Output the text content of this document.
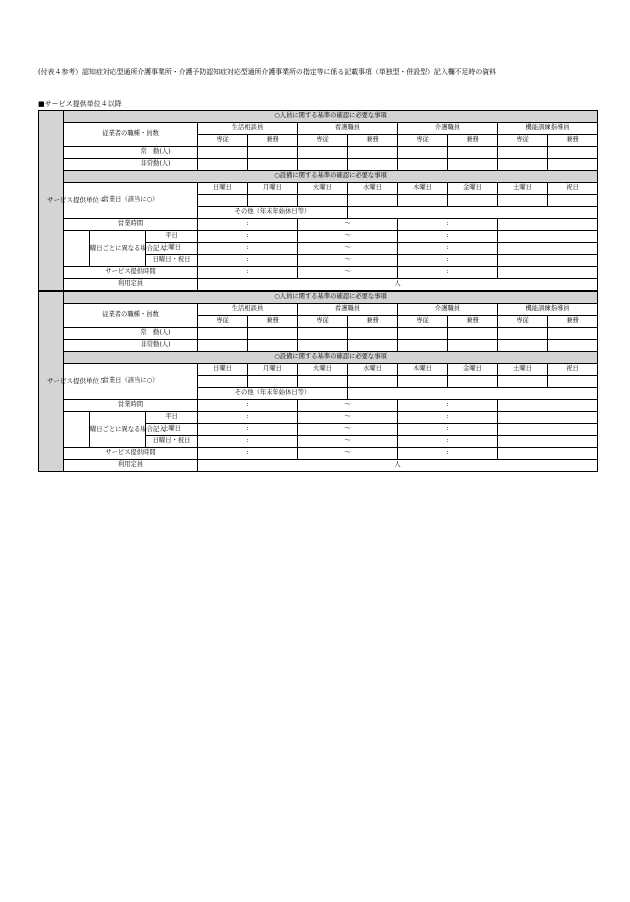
(付表４参考）認知症対応型通所介護事業所・介護予防認知症対応型通所介護事業所の指定等に係る記載事項（単独型・併設型）記入欄不足時の資料
■サービス提供単位４以降
サービス提供単位４	○人員に関する基準の確認に必要な事項										
	従業者の職種・員数			生活相談員		看護職員		介護職員		機能訓練指導員	
				専従	兼務	専従	兼務	専従	兼務	専従	兼務
	常　勤(人)										
	非常勤(人)										
	○設備に関する基準の確認に必要な事項										
	営業日（該当に○）			日曜日	月曜日	火曜日	水曜日	木曜日	金曜日	土曜日	祝日

				その他（年末年始休日等）							
	営業時間			:		～		:			
		曜日ごとに異なる場合記入	平日	:		～		:			
			土曜日	:		～		:			
			日曜日・祝日	:		～		:			
	サービス提供時間			:		～		:			
	利用定員			人							
サービス提供単位５	○人員に関する基準の確認に必要な事項										
	従業者の職種・員数			生活相談員		看護職員		介護職員		機能訓練指導員	
				専従	兼務	専従	兼務	専従	兼務	専従	兼務
	常　勤(人)										
	非常勤(人)										
	○設備に関する基準の確認に必要な事項										
	営業日（該当に○）			日曜日	月曜日	火曜日	水曜日	木曜日	金曜日	土曜日	祝日

				その他（年末年始休日等）							
	営業時間			:		～		:			
		曜日ごとに異なる場合記入	平日	:		～		:			
			土曜日	:		～		:			
			日曜日・祝日	:		～		:			
	サービス提供時間			:		～		:			
	利用定員			人							
